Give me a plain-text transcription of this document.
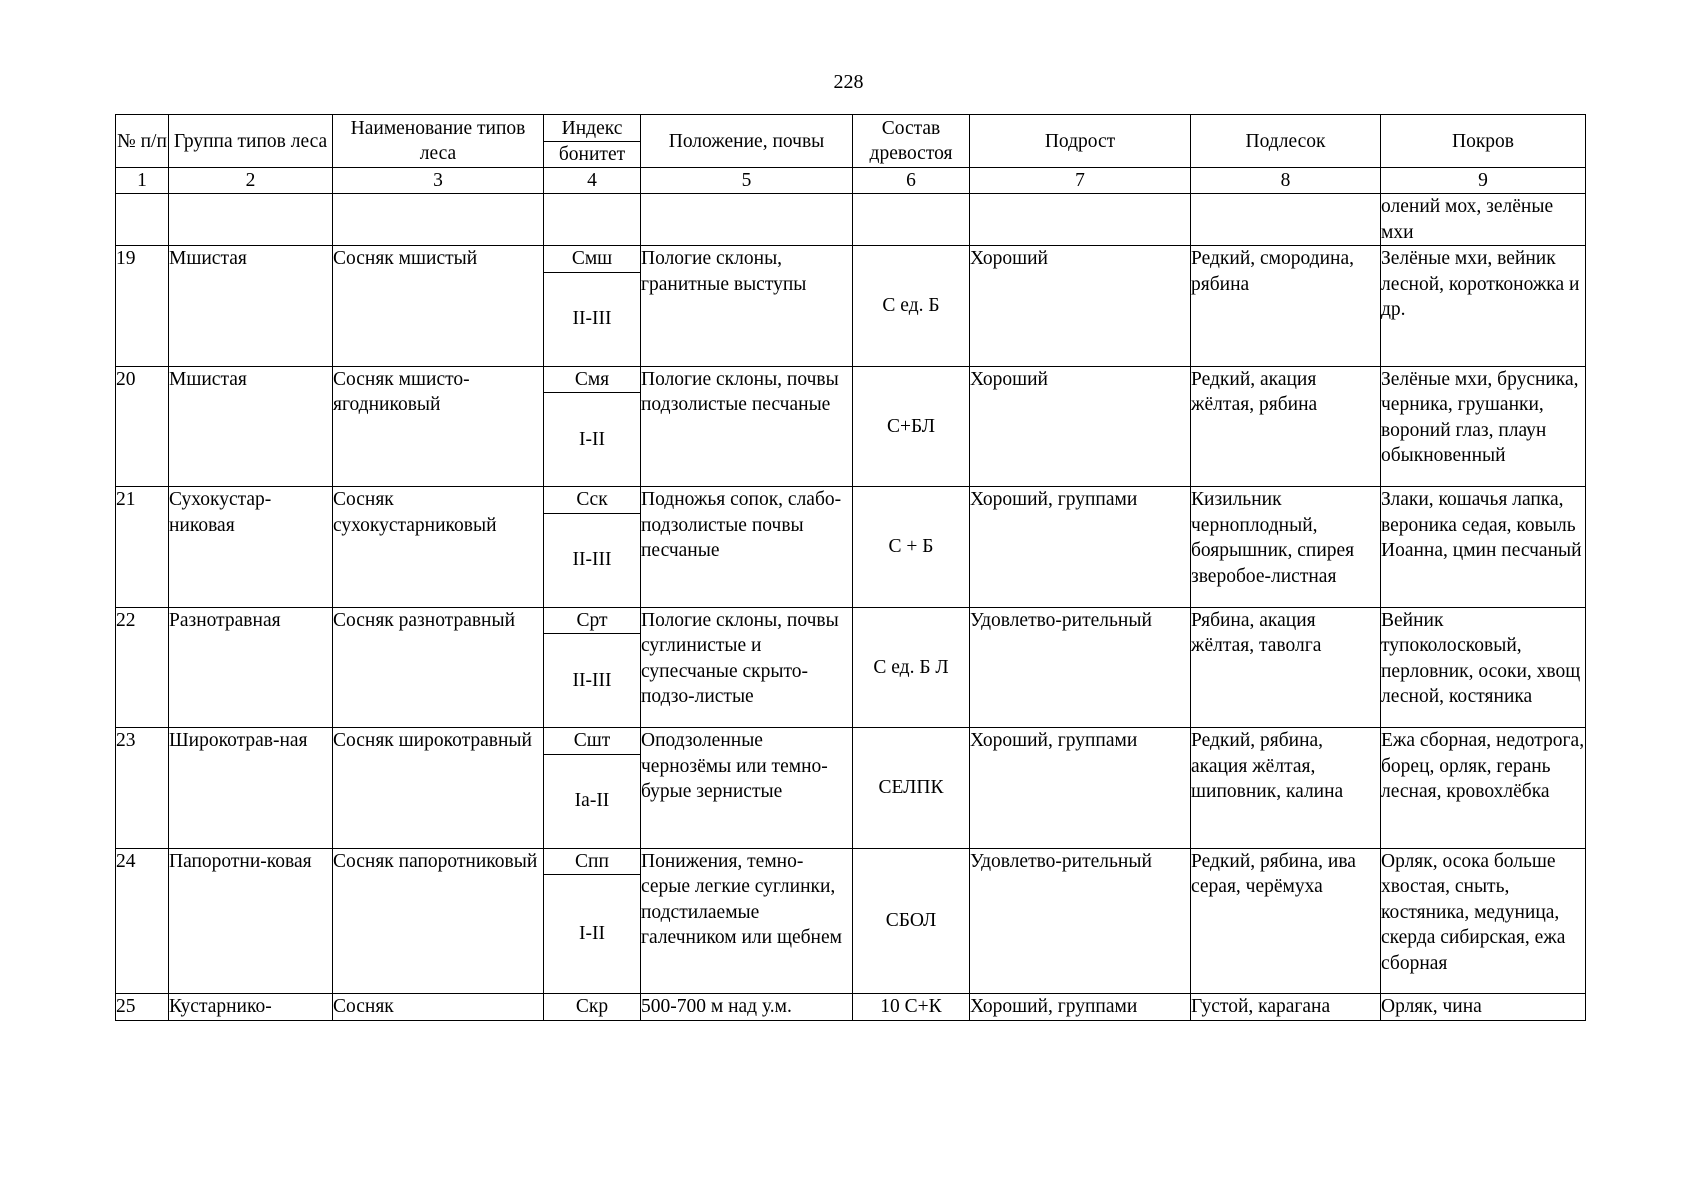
228
№ п/п	Группа типов леса	Наименование типов леса	Индекс	Положение, почвы	Состав древостоя	Подрост	Подлесок	Покров
			бонитет					
1	2	3	4	5	6	7	8	9
								олений мох, зелёные мхи
19	Мшистая	Сосняк мшистый	Смш	Пологие склоны, гранитные выступы	С ед. Б	Хороший	Редкий, смородина, рябина	Зелёные мхи, вейник лесной, коротконожка и др.
			II-III					
20	Мшистая	Сосняк мшисто-ягодниковый	Смя	Пологие склоны, почвы подзолистые песчаные	С+БЛ	Хороший	Редкий, акация жёлтая, рябина	Зелёные мхи, брусника, черника, грушанки, вороний глаз, плаун обыкновенный
			I-II					
21	Сухокустар-никовая	Сосняк сухокустарниковый	Сск	Подножья сопок, слабо-подзолистые почвы песчаные	С + Б	Хороший, группами	Кизильник черноплодный, боярышник, спирея зверобое-листная	Злаки, кошачья лапка, вероника седая, ковыль Иоанна, цмин песчаный
			II-III					
22	Разнотравная	Сосняк разнотравный	Срт	Пологие склоны, почвы суглинистые и супесчаные скрыто-подзо-листые	С ед. Б Л	Удовлетво-рительный	Рябина, акация жёлтая, таволга	Вейник тупоколосковый, перловник, осоки, хвощ лесной, костяника
			II-III					
23	Широкотрав-ная	Сосняк широкотравный	Сшт	Оподзоленные чернозёмы или темно-бурые зернистые	СЕЛПК	Хороший, группами	Редкий, рябина, акация жёлтая, шиповник, калина	Ежа сборная, недотрога, борец, орляк, герань лесная, кровохлёбка
			Ia-II					
24	Папоротни-ковая	Сосняк папоротниковый	Спп	Понижения, темно-серые легкие суглинки, подстилаемые галечником или щебнем	СБОЛ	Удовлетво-рительный	Редкий, рябина, ива серая, черёмуха	Орляк, осока больше хвостая, сныть, костяника, медуница, скерда сибирская, ежа сборная
			I-II					
25	Кустарнико-	Сосняк	Скр	500-700 м над у.м.	10 С+К	Хороший, группами	Густой, карагана	Орляк, чина
